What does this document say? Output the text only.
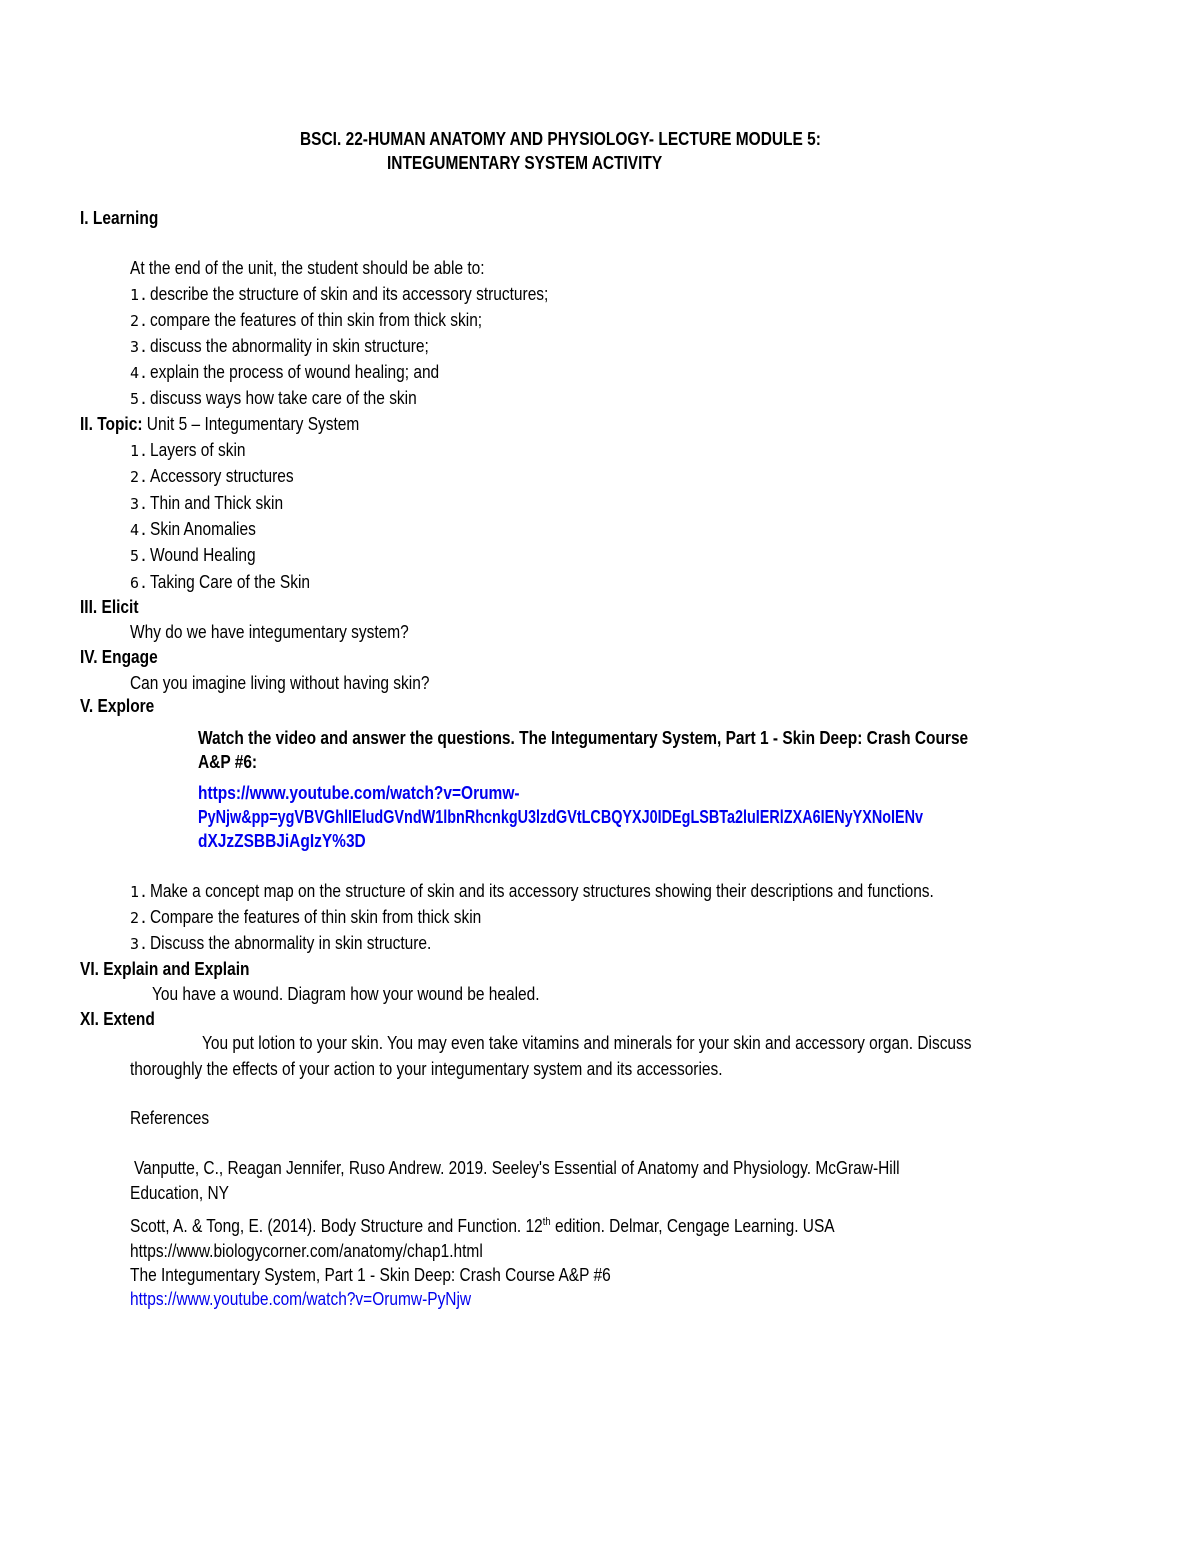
BSCI. 22-HUMAN ANATOMY AND PHYSIOLOGY- LECTURE MODULE 5:
INTEGUMENTARY SYSTEM ACTIVITY
I. Learning
At the end of the unit, the student should be able to:
1. describe the structure of skin and its accessory structures;
2. compare the features of thin skin from thick skin;
3. discuss the abnormality in skin structure;
4. explain the process of wound healing; and
5. discuss ways how take care of the skin
II. Topic: Unit 5 – Integumentary System
1. Layers of skin
2. Accessory structures
3. Thin and Thick skin
4. Skin Anomalies
5. Wound Healing
6. Taking Care of the Skin
III. Elicit
Why do we have integumentary system?
IV. Engage
Can you imagine living without having skin?
V. Explore
Watch the video and answer the questions. The Integumentary System, Part 1 - Skin Deep: Crash Course
A&P #6:
https://www.youtube.com/watch?v=Orumw-
PyNjw&pp=ygVBVGhlIEludGVndW1lbnRhcnkgU3lzdGVtLCBQYXJ0IDEgLSBTa2luIERlZXA6IENyYXNoIENv
dXJzZSBBJiAgIzY%3D
1. Make a concept map on the structure of skin and its accessory structures showing their descriptions and functions.
2. Compare the features of thin skin from thick skin
3. Discuss the abnormality in skin structure.
VI. Explain and Explain
You have a wound. Diagram how your wound be healed.
XI. Extend
You put lotion to your skin. You may even take vitamins and minerals for your skin and accessory organ. Discuss
thoroughly the effects of your action to your integumentary system and its accessories.
References
Vanputte, C., Reagan Jennifer, Ruso Andrew. 2019. Seeley's Essential of Anatomy and Physiology. McGraw-Hill
Education, NY
Scott, A. & Tong, E. (2014). Body Structure and Function. 12th edition. Delmar, Cengage Learning. USA
https://www.biologycorner.com/anatomy/chap1.html
The Integumentary System, Part 1 - Skin Deep: Crash Course A&P #6
https://www.youtube.com/watch?v=Orumw-PyNjw
